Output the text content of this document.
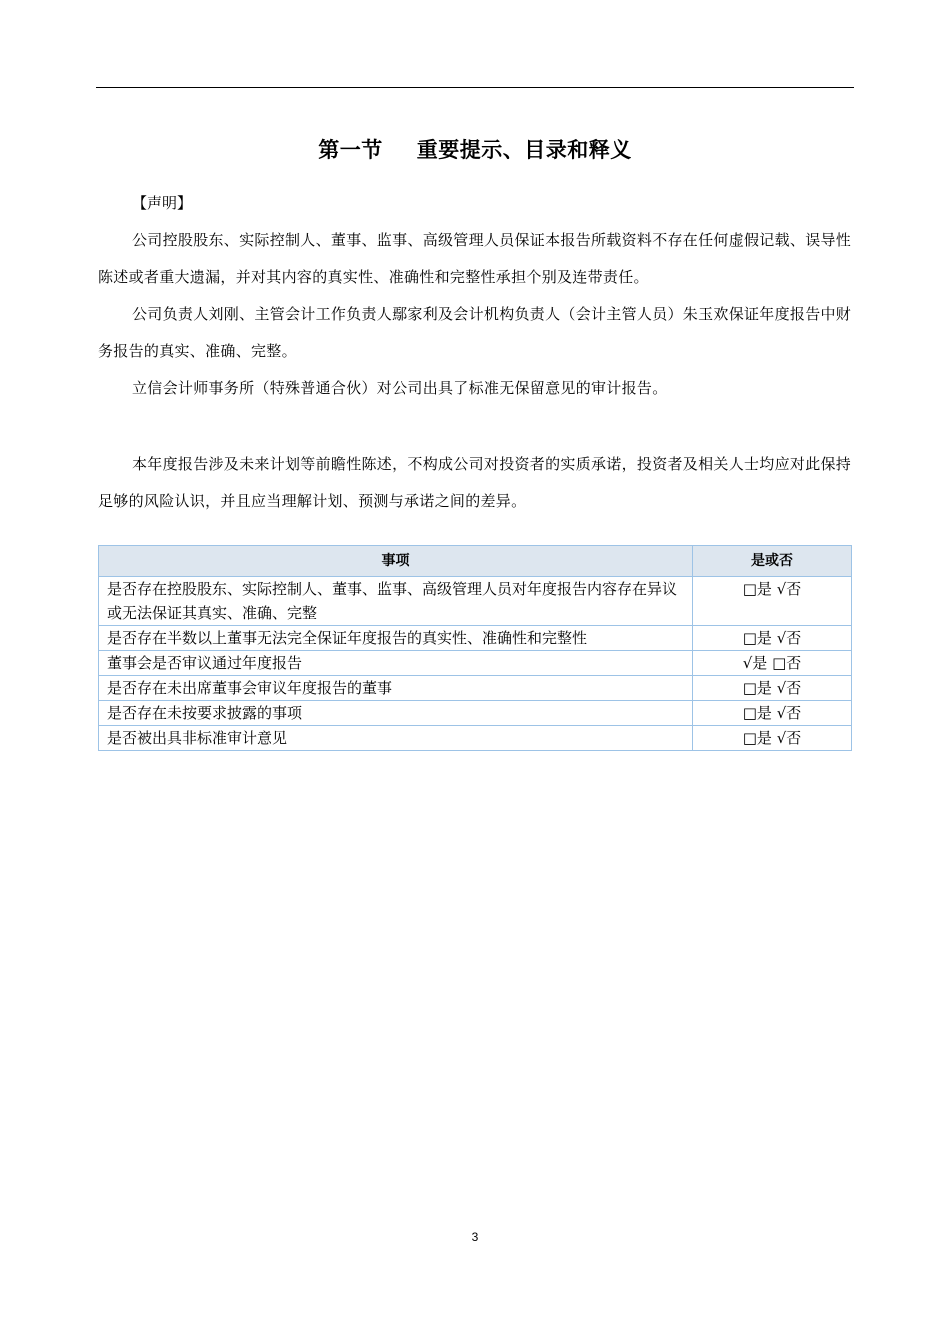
第一节 重要提示、目录和释义
【声明】
公司控股股东、实际控制人、董事、监事、高级管理人员保证本报告所载资料不存在任何虚假记载、误导性陈述或者重大遗漏，并对其内容的真实性、准确性和完整性承担个别及连带责任。
公司负责人刘刚、主管会计工作负责人鄢家利及会计机构负责人（会计主管人员）朱玉欢保证年度报告中财务报告的真实、准确、完整。
立信会计师事务所（特殊普通合伙）对公司出具了标准无保留意见的审计报告。
本年度报告涉及未来计划等前瞻性陈述，不构成公司对投资者的实质承诺，投资者及相关人士均应对此保持足够的风险认识，并且应当理解计划、预测与承诺之间的差异。
事项	是或否
是否存在控股股东、实际控制人、董事、监事、高级管理人员对年度报告内容存在异议或无法保证其真实、准确、完整	□是 √否
是否存在半数以上董事无法完全保证年度报告的真实性、准确性和完整性	□是 √否
董事会是否审议通过年度报告	√是 □否
是否存在未出席董事会审议年度报告的董事	□是 √否
是否存在未按要求披露的事项	□是 √否
是否被出具非标准审计意见	□是 √否
3
